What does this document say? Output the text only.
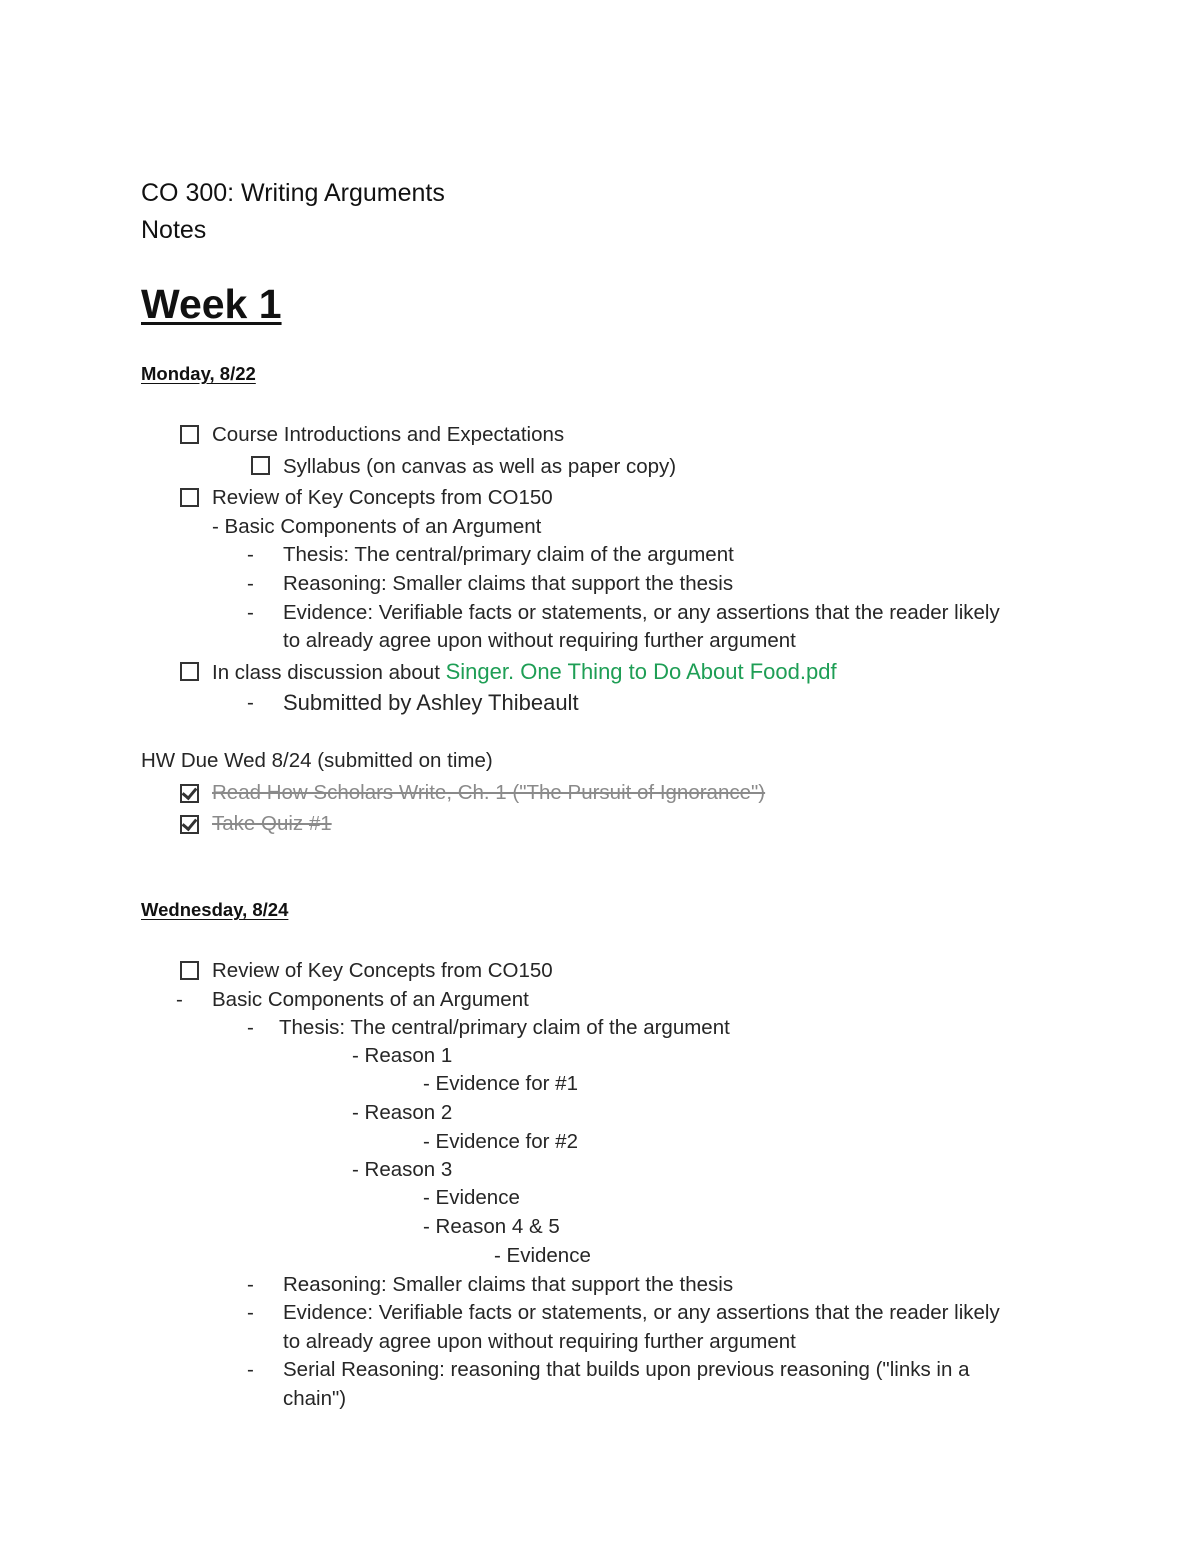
CO 300: Writing Arguments
Notes
Week 1
Monday, 8/22
Course Introductions and Expectations
Syllabus (on canvas as well as paper copy)
Review of Key Concepts from CO150
- Basic Components of an Argument
- Thesis: The central/primary claim of the argument
- Reasoning: Smaller claims that support the thesis
- Evidence: Verifiable facts or statements, or any assertions that the reader likely
to already agree upon without requiring further argument
In class discussion about Singer. One Thing to Do About Food.pdf
- Submitted by Ashley Thibeault
HW Due Wed 8/24 (submitted on time)
Read How Scholars Write, Ch. 1 ("The Pursuit of Ignorance")
Take Quiz #1
Wednesday, 8/24
Review of Key Concepts from CO150
- Basic Components of an Argument
- Thesis: The central/primary claim of the argument
- Reason 1
- Evidence for #1
- Reason 2
- Evidence for #2
- Reason 3
- Evidence
- Reason 4 & 5
- Evidence
- Reasoning: Smaller claims that support the thesis
- Evidence: Verifiable facts or statements, or any assertions that the reader likely
to already agree upon without requiring further argument
- Serial Reasoning: reasoning that builds upon previous reasoning ("links in a
chain")
